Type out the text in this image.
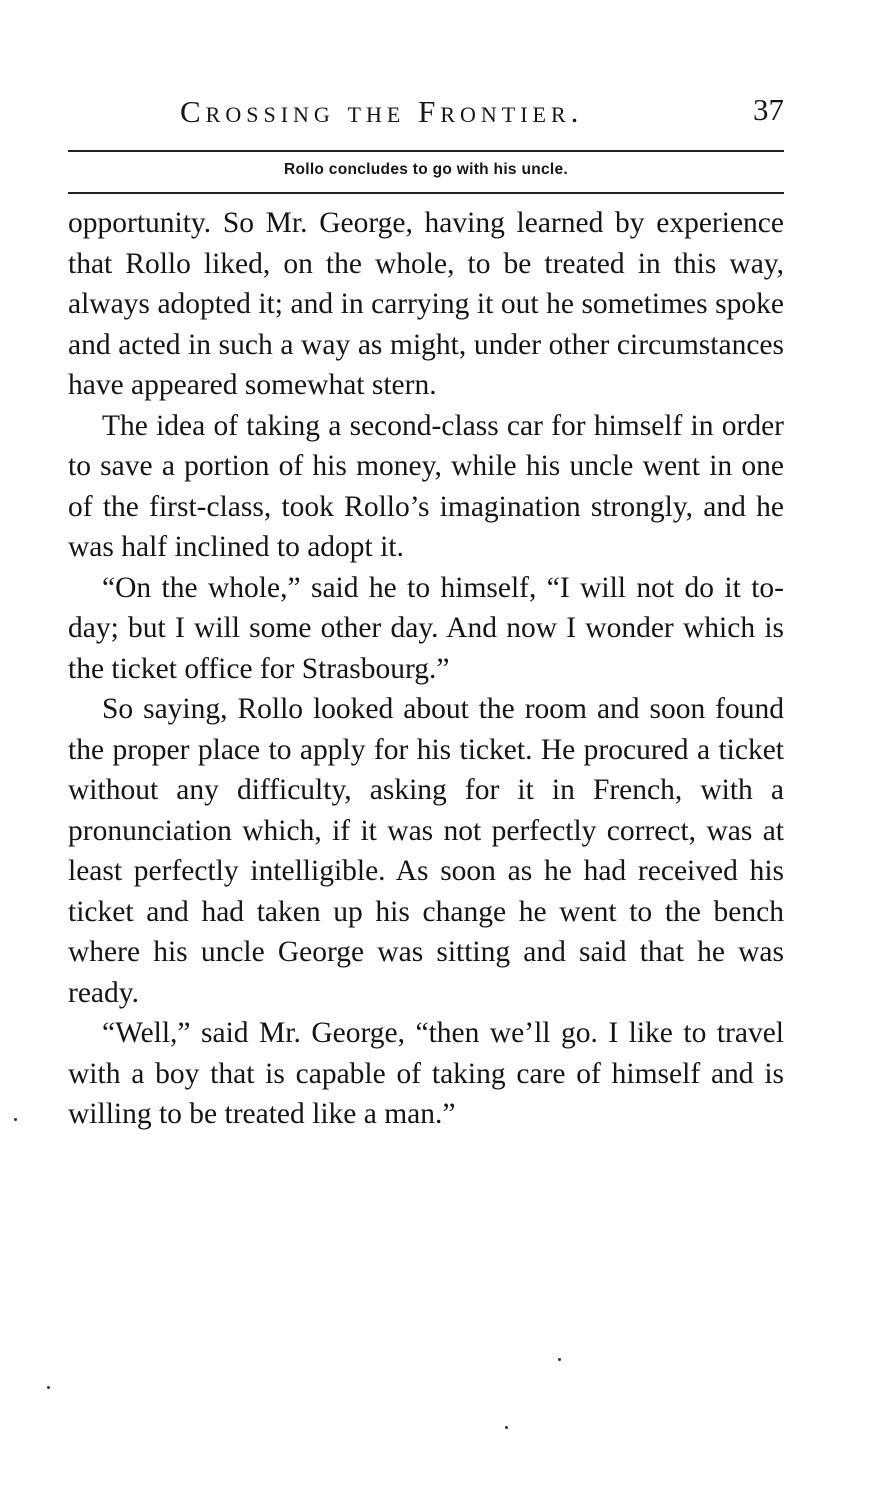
Crossing the Frontier.	37
Rollo concludes to go with his uncle.

opportunity. So Mr. George, having learned by experience that Rollo liked, on the whole, to be treated in this way, always adopted it; and in carrying it out he sometimes spoke and acted in such a way as might, under other circumstances have appeared somewhat stern.

The idea of taking a second-class car for himself in order to save a portion of his money, while his uncle went in one of the first-class, took Rollo’s imagination strongly, and he was half inclined to adopt it.

“On the whole,” said he to himself, “I will not do it to-day; but I will some other day. And now I wonder which is the ticket office for Strasbourg.”

So saying, Rollo looked about the room and soon found the proper place to apply for his ticket. He procured a ticket without any difficulty, asking for it in French, with a pronunciation which, if it was not perfectly correct, was at least perfectly intelligible. As soon as he had received his ticket and had taken up his change he went to the bench where his uncle George was sitting and said that he was ready.

“Well,” said Mr. George, “then we’ll go. I like to travel with a boy that is capable of taking care of himself and is willing to be treated like a man.”
